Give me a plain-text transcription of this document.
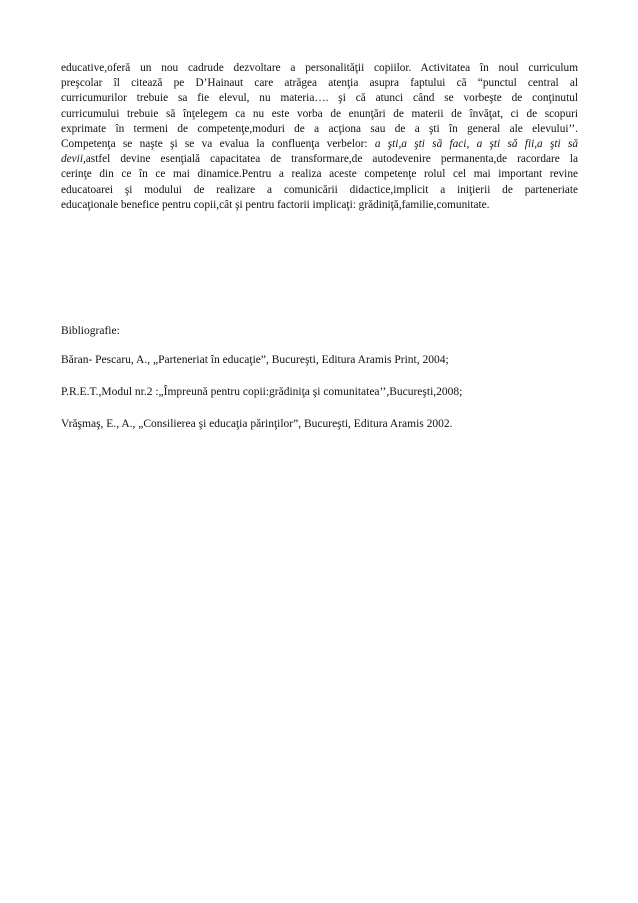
educative,oferă un nou cadrude dezvoltare a personalităţii copiilor. Activitatea în noul curriculum
preşcolar îl citează pe D’Hainaut care atrăgea atenţia asupra faptului că “punctul central al
curricumurilor trebuie sa fie elevul, nu materia…. şi că atunci când se vorbeşte de conţinutul
curricumului trebuie să înţelegem ca nu este vorba de enunţări de materii de învăţat, ci de scopuri
exprimate în termeni de competenţe,moduri de a acţiona sau de a şti în general ale elevului’’.
Competenţa se naşte şi se va evalua la confluenţa verbelor: a şti,a şti să faci, a şti să fii,a şti să
devii,astfel devine esenţială capacitatea de transformare,de autodevenire permanenta,de racordare la
cerinţe din ce în ce mai dinamice.Pentru a realiza aceste competenţe rolul cel mai important revine
educatoarei şi modului de realizare a comunicării didactice,implicit a iniţierii de parteneriate
educaţionale benefice pentru copii,cât şi pentru factorii implicaţi: grădiniţă,familie,comunitate.
Bibliografie:
Băran- Pescaru, A., „Parteneriat în educaţie”, Bucureşti, Editura Aramis Print, 2004;
P.R.E.T.,Modul nr.2 :„Împreună pentru copii:grădiniţa şi comunitatea’’,Bucureşti,2008;
Vrăşmaş, E., A., „Consilierea şi educaţia părinţilor”, Bucureşti, Editura Aramis 2002.
